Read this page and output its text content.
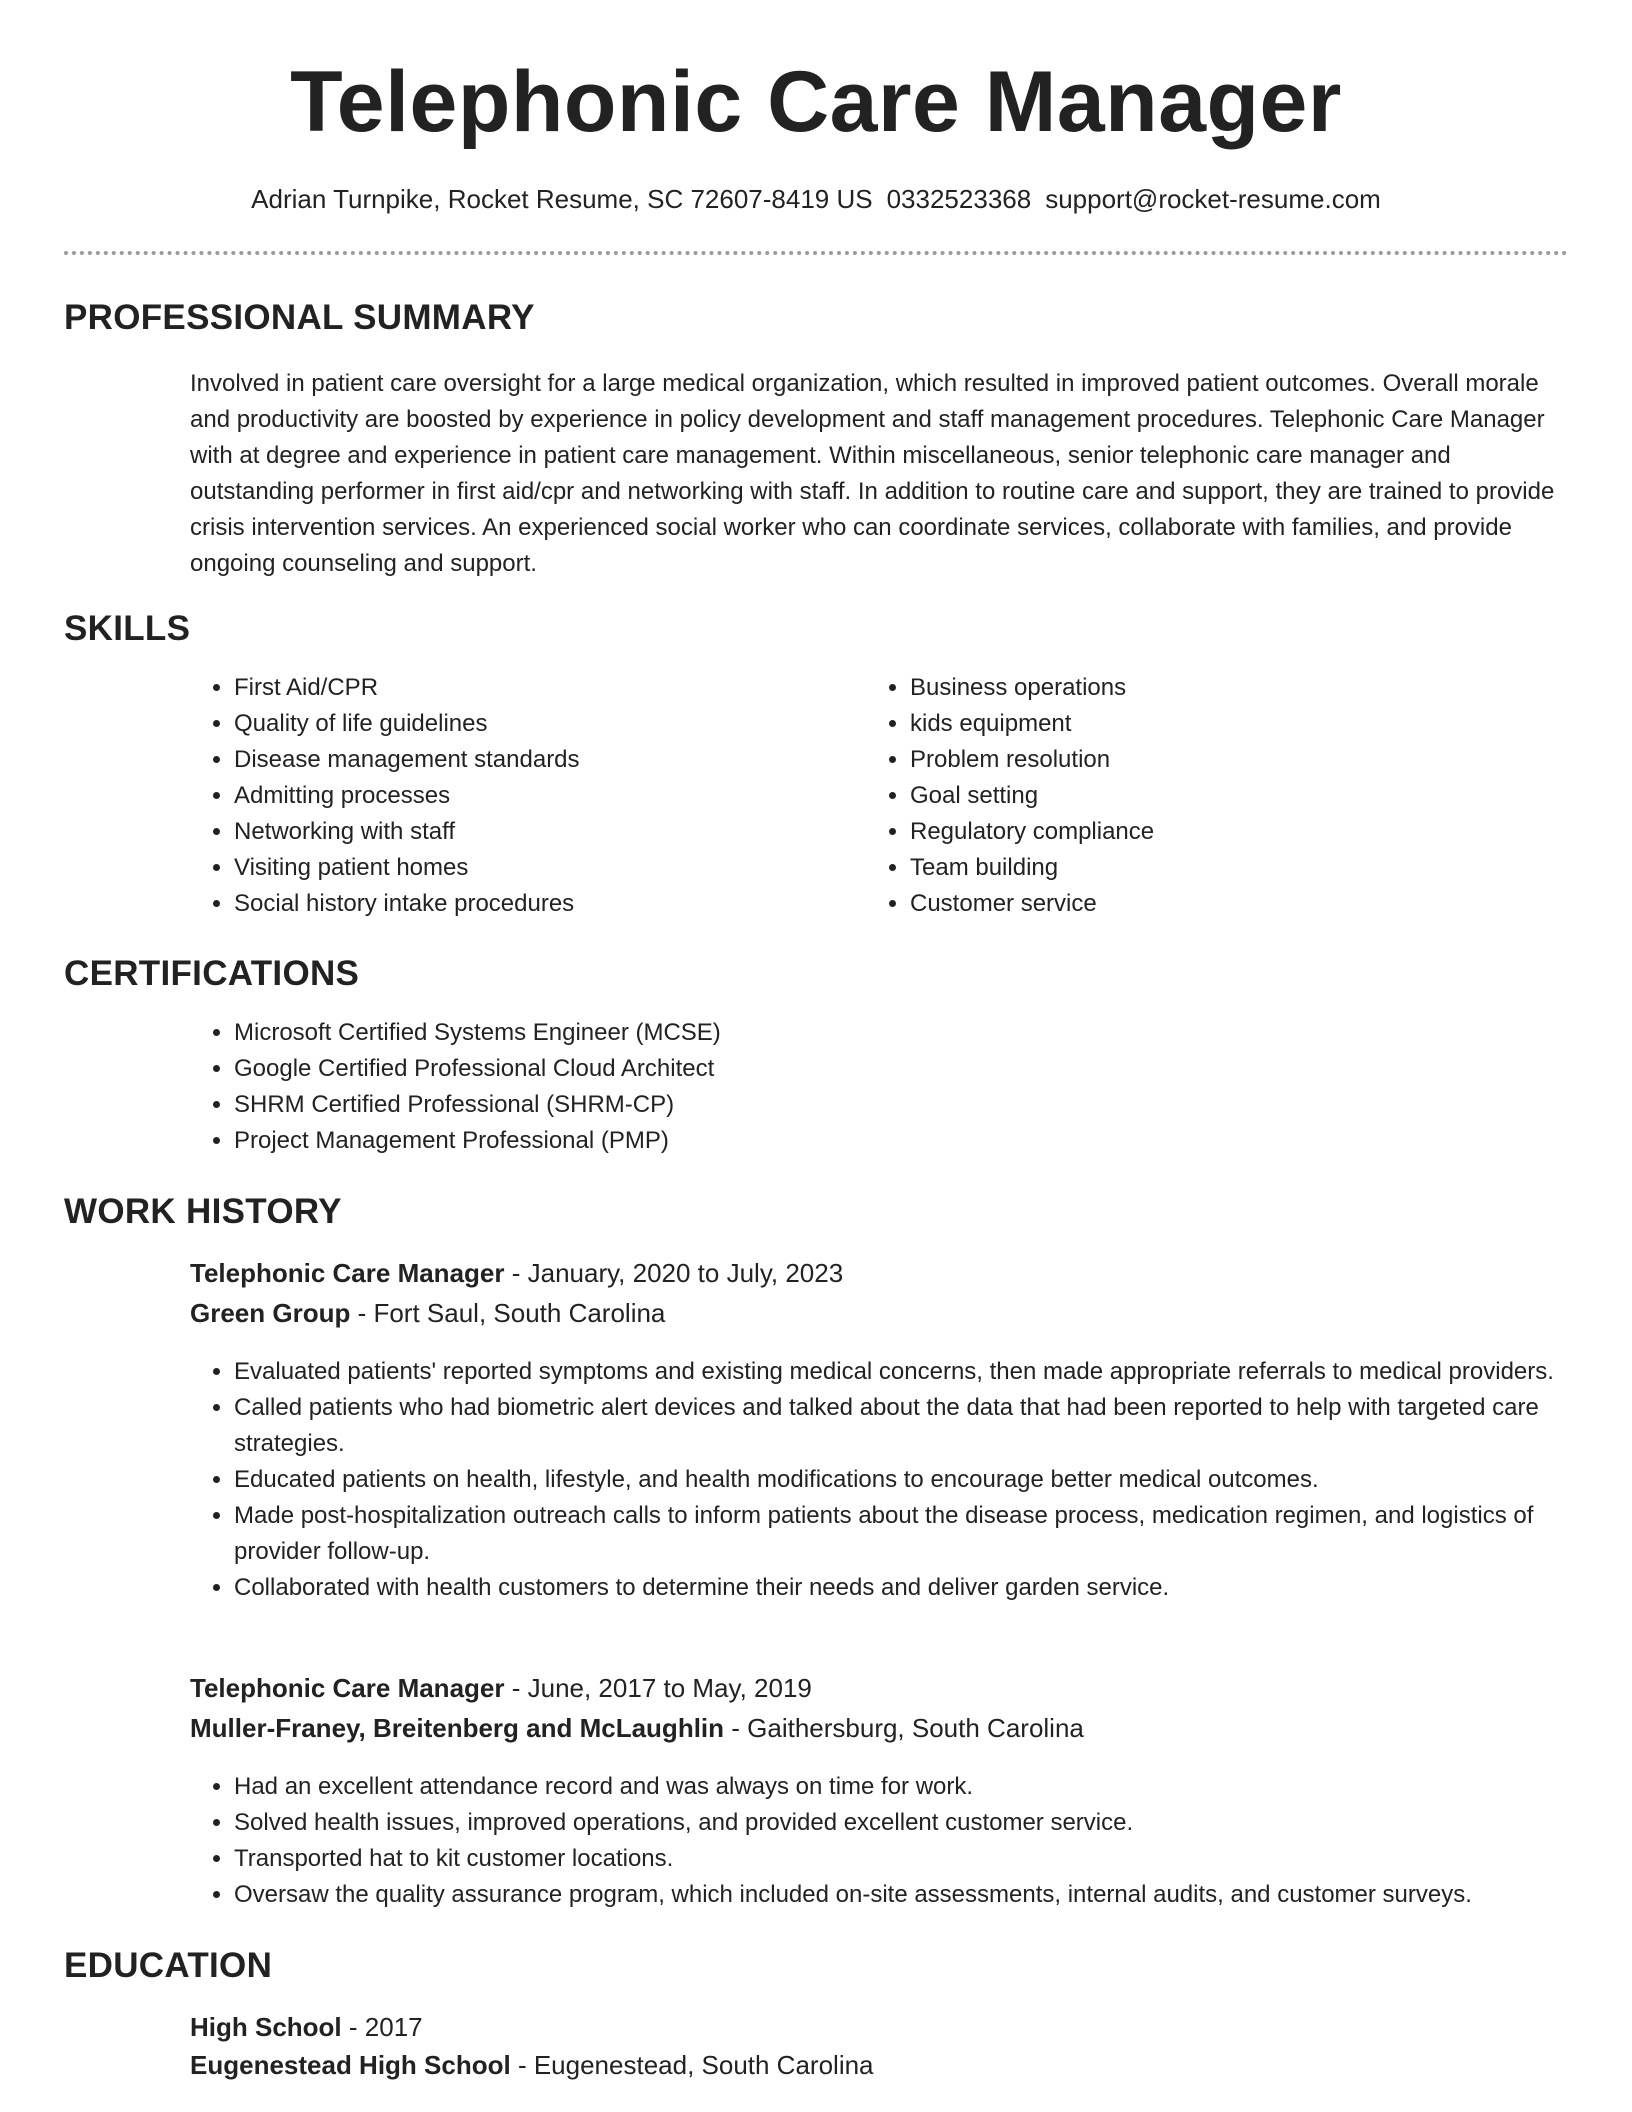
Telephonic Care Manager
Adrian Turnpike, Rocket Resume, SC 72607-8419 US 0332523368 support@rocket-resume.com
PROFESSIONAL SUMMARY
Involved in patient care oversight for a large medical organization, which resulted in improved patient outcomes. Overall morale and productivity are boosted by experience in policy development and staff management procedures. Telephonic Care Manager with at degree and experience in patient care management. Within miscellaneous, senior telephonic care manager and outstanding performer in first aid/cpr and networking with staff. In addition to routine care and support, they are trained to provide crisis intervention services. An experienced social worker who can coordinate services, collaborate with families, and provide ongoing counseling and support.
SKILLS
• First Aid/CPR
• Quality of life guidelines
• Disease management standards
• Admitting processes
• Networking with staff
• Visiting patient homes
• Social history intake procedures
• Business operations
• kids equipment
• Problem resolution
• Goal setting
• Regulatory compliance
• Team building
• Customer service
CERTIFICATIONS
• Microsoft Certified Systems Engineer (MCSE)
• Google Certified Professional Cloud Architect
• SHRM Certified Professional (SHRM-CP)
• Project Management Professional (PMP)
WORK HISTORY
Telephonic Care Manager - January, 2020 to July, 2023
Green Group - Fort Saul, South Carolina
• Evaluated patients' reported symptoms and existing medical concerns, then made appropriate referrals to medical providers.
• Called patients who had biometric alert devices and talked about the data that had been reported to help with targeted care strategies.
• Educated patients on health, lifestyle, and health modifications to encourage better medical outcomes.
• Made post-hospitalization outreach calls to inform patients about the disease process, medication regimen, and logistics of provider follow-up.
• Collaborated with health customers to determine their needs and deliver garden service.
Telephonic Care Manager - June, 2017 to May, 2019
Muller-Franey, Breitenberg and McLaughlin - Gaithersburg, South Carolina
• Had an excellent attendance record and was always on time for work.
• Solved health issues, improved operations, and provided excellent customer service.
• Transported hat to kit customer locations.
• Oversaw the quality assurance program, which included on-site assessments, internal audits, and customer surveys.
EDUCATION
High School - 2017
Eugenestead High School - Eugenestead, South Carolina
